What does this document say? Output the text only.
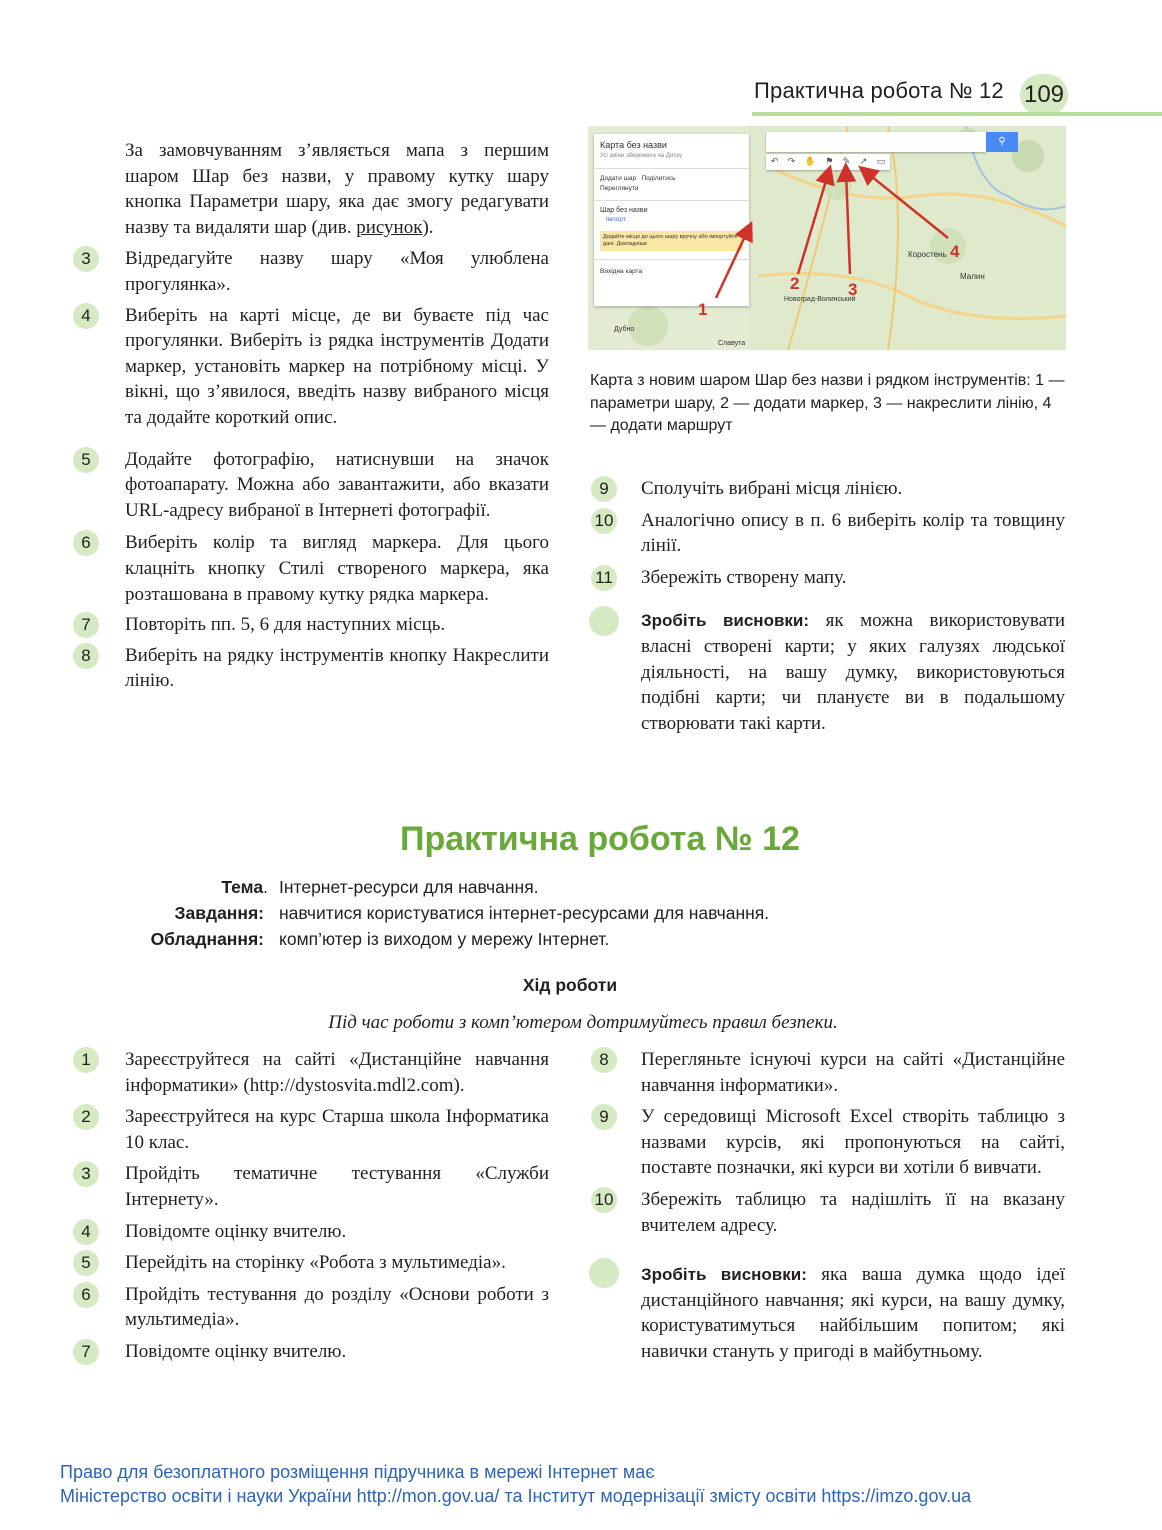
Практична робота № 12 109

За замовчуванням з’являється мапа з першим шаром Шар без назви, у правому кутку шару кнопка Параметри шару, яка дає змогу редагувати назву та видаляти шар (див. рисунок).

3	Відредагуйте назву шару «Моя улюблена прогулянка».
4	Виберіть на карті місце, де ви буваєте під час прогулянки. Виберіть із рядка інструментів Додати маркер, установіть маркер на потрібному місці. У вікні, що з’явилося, введіть назву вибраного місця та додайте короткий опис.
5	Додайте фотографію, натиснувши на значок фотоапарату. Можна або завантажити, або вказати URL-адресу вибраної в Інтернеті фотографії.
6	Виберіть колір та вигляд маркера. Для цього клацніть кнопку Стилі створеного маркера, яка розташована в правому кутку рядка маркера.
7	Повторіть пп. 5, 6 для наступних місць.
8	Виберіть на рядку інструментів кнопку Накреслити лінію.
⚲
↶ ↷ ✋ ⚑ ✎ ↗ ▭
Карта без назви
Усі зміни збережено на Диску
Додати шар Поділитись
Переглянути
Шар без назви
Імпорт
Додайте місця до цього шару вручну або імпортуйте дані. Докладніше
Вихідна карта
Коростень
Новоград-Волинський
Малин
Славута
Дубно
1
2	3
4
Карта з новим шаром Шар без назви і рядком інструментів: 1 — параметри шару, 2 — додати маркер, 3 — накреслити лінію, 4 — додати маршрут
9	Сполучіть вибрані місця лінією.
10 Аналогічно опису в п. 6 виберіть колір та товщину лінії.
11 Збережіть створену мапу.
Зробіть висновки: як можна використовувати власні створені карти; у яких галузях людської діяльності, на вашу думку, використовуються подібні карти; чи плануєте ви в подальшому створювати такі карти.
Практична робота № 12
Тема. Інтернет-ресурси для навчання.
Завдання: навчитися користуватися інтернет-ресурсами для навчання.
Обладнання: комп’ютер із виходом у мережу Інтернет.
Хід роботи
Під час роботи з комп’ютером дотримуйтесь правил безпеки.
1	Зареєструйтеся на сайті «Дистанційне навчання інформатики» (http://dystosvita.mdl2.com).
2	Зареєструйтеся на курс Старша школа Інформатика 10 клас.
3	Пройдіть тематичне тестування «Служби Інтернету».
4	Повідомте оцінку вчителю.
5	Перейдіть на сторінку «Робота з мультимедіа».
6	Пройдіть тестування до розділу «Основи роботи з мультимедіа».
7	Повідомте оцінку вчителю.
8	Перегляньте існуючі курси на сайті «Дистанційне навчання інформатики».
9	У середовищі Microsoft Excel створіть таблицю з назвами курсів, які пропонуються на сайті, поставте позначки, які курси ви хотіли б вивчати.
10 Збережіть таблицю та надішліть її на вказану вчителем адресу.
Зробіть висновки: яка ваша думка щодо ідеї дистанційного навчання; які курси, на вашу думку, користуватимуться найбільшим попитом; які навички стануть у пригоді в майбутньому.
Право для безоплатного розміщення підручника в мережі Інтернет має
Міністерство освіти і науки України http://mon.gov.ua/ та Інститут модернізації змісту освіти https://imzo.gov.ua
